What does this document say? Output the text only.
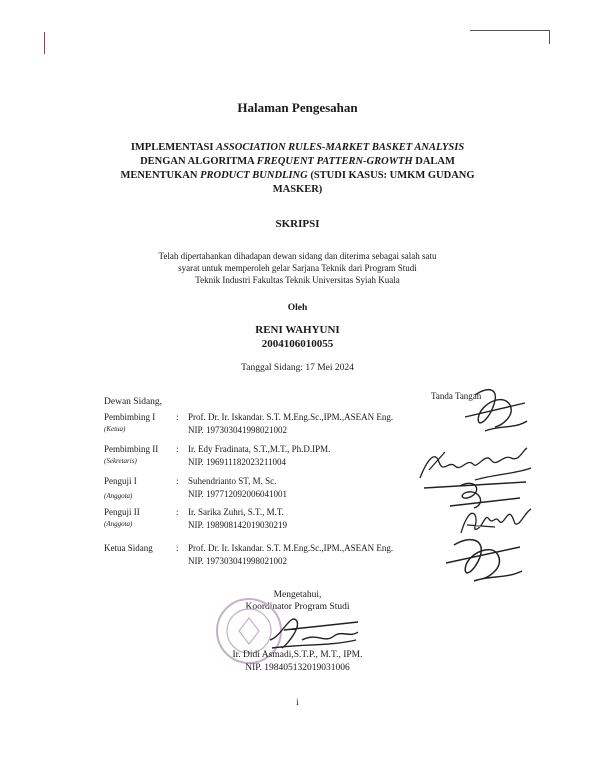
Halaman Pengesahan
IMPLEMENTASI ASSOCIATION RULES-MARKET BASKET ANALYSIS DENGAN ALGORITMA FREQUENT PATTERN-GROWTH DALAM MENENTUKAN PRODUCT BUNDLING (STUDI KASUS: UMKM GUDANG MASKER)
SKRIPSI
Telah dipertahankan dihadapan dewan sidang dan diterima sebagai salah satu
syarat untuk memperoleh gelar Sarjana Teknik dari Program Studi
Teknik Industri Fakultas Teknik Universitas Syiah Kuala
Oleh
RENI WAHYUNI
2004106010055
Tanggal Sidang: 17 Mei 2024
Dewan Sidang,
Tanda Tangan
Pembimbing I
(Ketua)
: Prof. Dr. Ir. Iskandar. S.T. M.Eng.Sc.,IPM.,ASEAN Eng.
NIP. 197303041998021002
Pembimbing II
(Sekretaris)
: Ir. Edy Fradinata, S.T.,M.T., Ph.D.IPM.
NIP. 196911182023211004
Penguji I
(Anggota)
: Suhendrianto ST, M. Sc.
NIP. 197712092006041001
Penguji II
(Anggota)
: Ir. Sarika Zuhri, S.T., M.T.
NIP. 198908142019030219
Ketua Sidang	: Prof. Dr. Ir. Iskandar. S.T. M.Eng.Sc.,IPM.,ASEAN Eng.
NIP. 197303041998021002
Mengetahui,
Koordinator Program Studi
Ir. Didi Asmadi,S.T.P., M.T., IPM.
NIP. 198405132019031006
i
